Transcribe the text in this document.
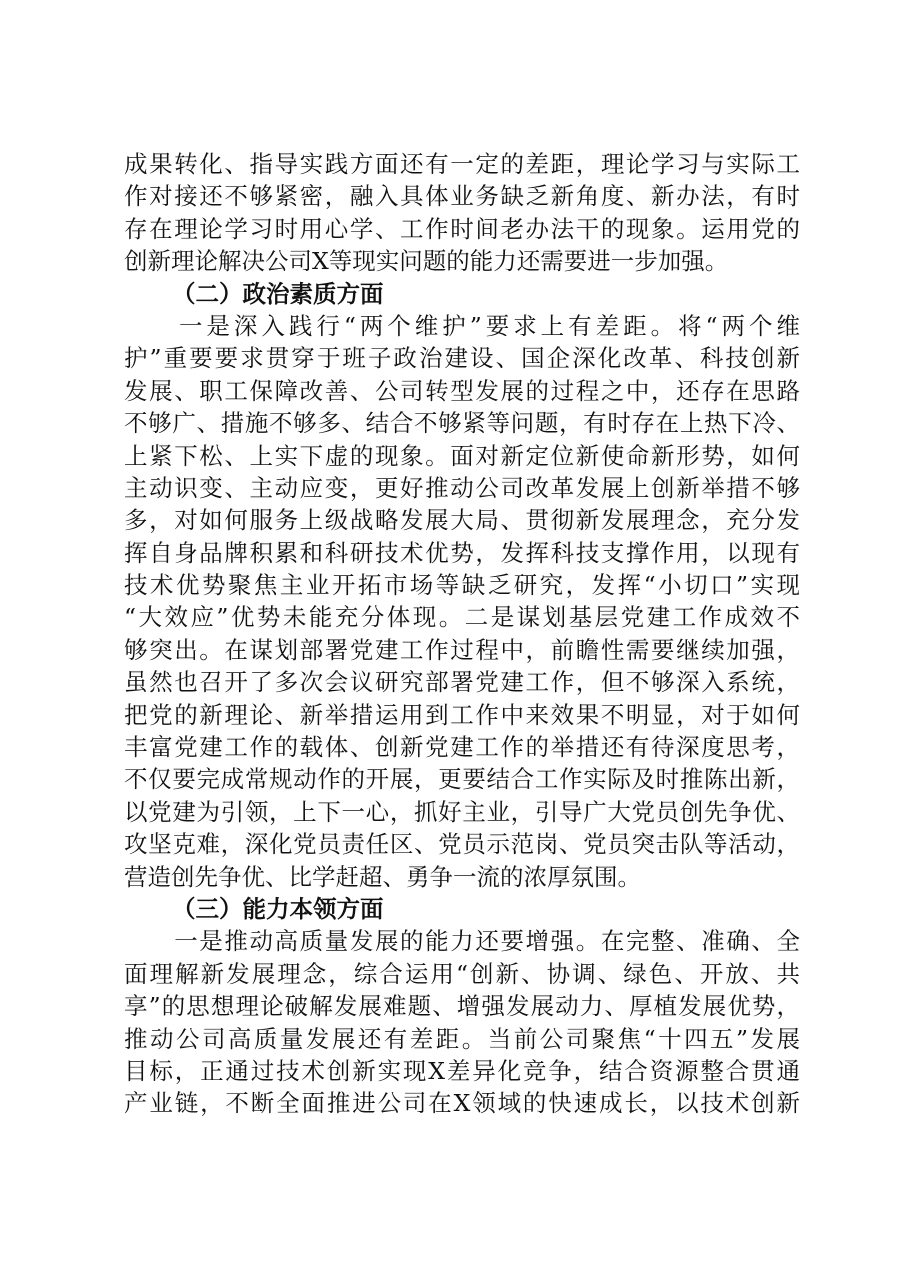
成果转化、指导实践方面还有一定的差距，理论学习与实际工
作对接还不够紧密，融入具体业务缺乏新角度、新办法，有时
存在理论学习时用心学、工作时间老办法干的现象。运用党的
创新理论解决公司X等现实问题的能力还需要进一步加强。
（二）政治素质方面
　　一是深入践行“两个维护”要求上有差距。将“两个维
护”重要要求贯穿于班子政治建设、国企深化改革、科技创新
发展、职工保障改善、公司转型发展的过程之中，还存在思路
不够广、措施不够多、结合不够紧等问题，有时存在上热下冷、
上紧下松、上实下虚的现象。面对新定位新使命新形势，如何
主动识变、主动应变，更好推动公司改革发展上创新举措不够
多，对如何服务上级战略发展大局、贯彻新发展理念，充分发
挥自身品牌积累和科研技术优势，发挥科技支撑作用，以现有
技术优势聚焦主业开拓市场等缺乏研究，发挥“小切口”实现
“大效应”优势未能充分体现。二是谋划基层党建工作成效不
够突出。在谋划部署党建工作过程中，前瞻性需要继续加强，
虽然也召开了多次会议研究部署党建工作，但不够深入系统，
把党的新理论、新举措运用到工作中来效果不明显，对于如何
丰富党建工作的载体、创新党建工作的举措还有待深度思考，
不仅要完成常规动作的开展，更要结合工作实际及时推陈出新，
以党建为引领，上下一心，抓好主业，引导广大党员创先争优、
攻坚克难，深化党员责任区、党员示范岗、党员突击队等活动，
营造创先争优、比学赶超、勇争一流的浓厚氛围。
（三）能力本领方面
　　一是推动高质量发展的能力还要增强。在完整、准确、全
面理解新发展理念，综合运用“创新、协调、绿色、开放、共
享”的思想理论破解发展难题、增强发展动力、厚植发展优势，
推动公司高质量发展还有差距。当前公司聚焦“十四五”发展
目标，正通过技术创新实现X差异化竞争，结合资源整合贯通
产业链，不断全面推进公司在X领域的快速成长，以技术创新
